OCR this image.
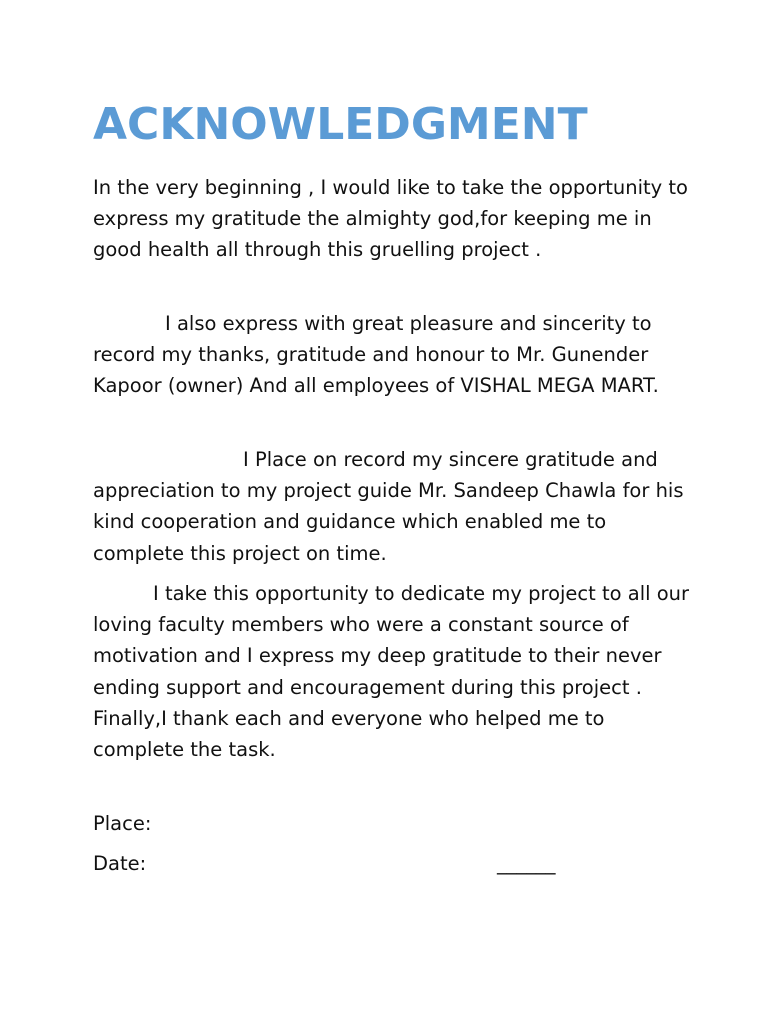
ACKNOWLEDGMENT

In the very beginning , I would like to take the opportunity to express my gratitude the almighty god,for keeping me in good health all through this gruelling project .

I also express with great pleasure and sincerity to record my thanks, gratitude and honour to Mr. Gunender Kapoor (owner) And all employees of VISHAL MEGA MART.

I Place on record my sincere gratitude and appreciation to my project guide Mr. Sandeep Chawla for his kind cooperation and guidance which enabled me to complete this project on time.

I take this opportunity to dedicate my project to all our loving faculty members who were a constant source of motivation and I express my deep gratitude to their never ending support and encouragement during this project . Finally,I thank each and everyone who helped me to complete the task.

Place:

Date:	______
